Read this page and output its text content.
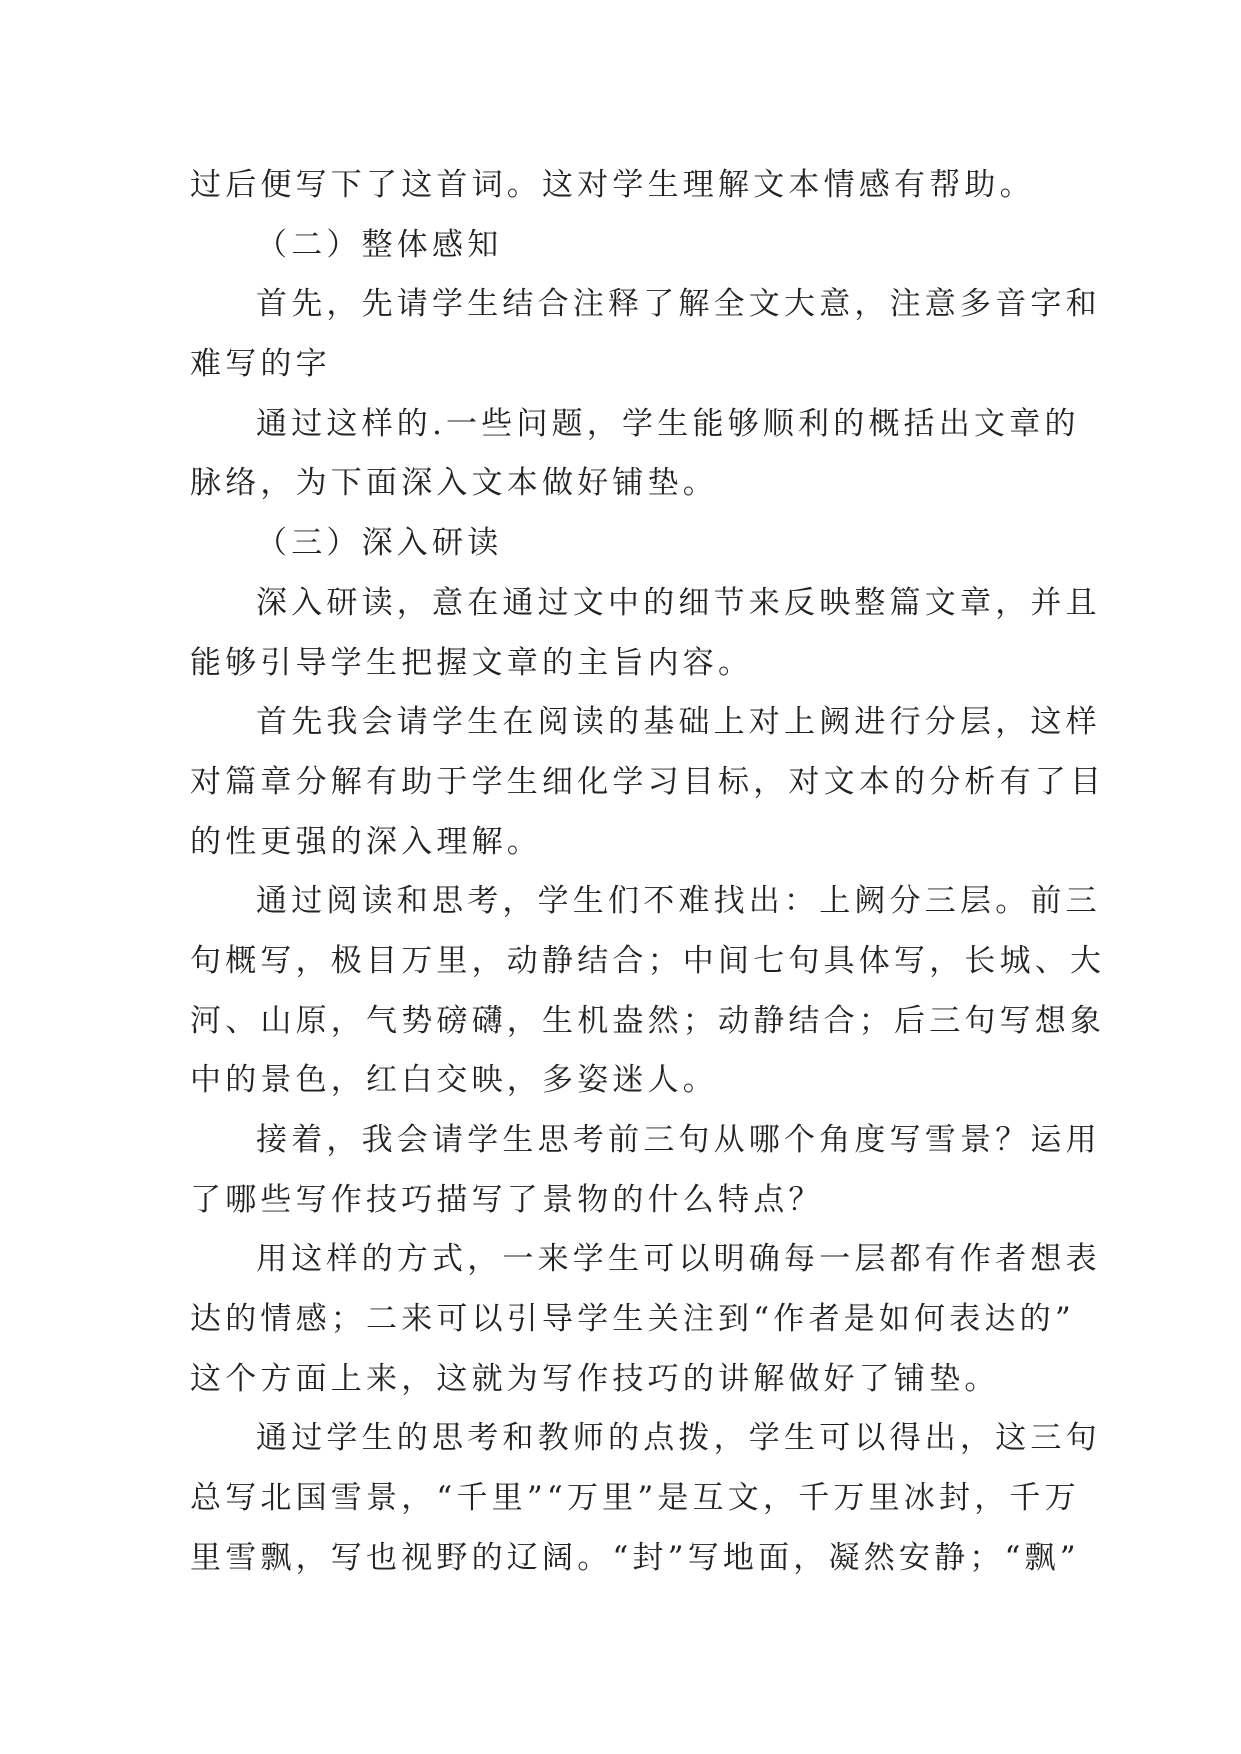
过后便写下了这首词。这对学生理解文本情感有帮助。
（二）整体感知
首先，先请学生结合注释了解全文大意，注意多音字和
难写的字
通过这样的.一些问题，学生能够顺利的概括出文章的
脉络，为下面深入文本做好铺垫。
（三）深入研读
深入研读，意在通过文中的细节来反映整篇文章，并且
能够引导学生把握文章的主旨内容。
首先我会请学生在阅读的基础上对上阙进行分层，这样
对篇章分解有助于学生细化学习目标，对文本的分析有了目
的性更强的深入理解。
通过阅读和思考，学生们不难找出：上阙分三层。前三
句概写，极目万里，动静结合；中间七句具体写，长城、大
河、山原，气势磅礴，生机盎然；动静结合；后三句写想象
中的景色，红白交映，多姿迷人。
接着，我会请学生思考前三句从哪个角度写雪景？运用
了哪些写作技巧描写了景物的什么特点？
用这样的方式，一来学生可以明确每一层都有作者想表
达的情感；二来可以引导学生关注到“作者是如何表达的”
这个方面上来，这就为写作技巧的讲解做好了铺垫。
通过学生的思考和教师的点拨，学生可以得出，这三句
总写北国雪景，“千里”“万里”是互文，千万里冰封，千万
里雪飘，写也视野的辽阔。“封”写地面，凝然安静；“飘”
